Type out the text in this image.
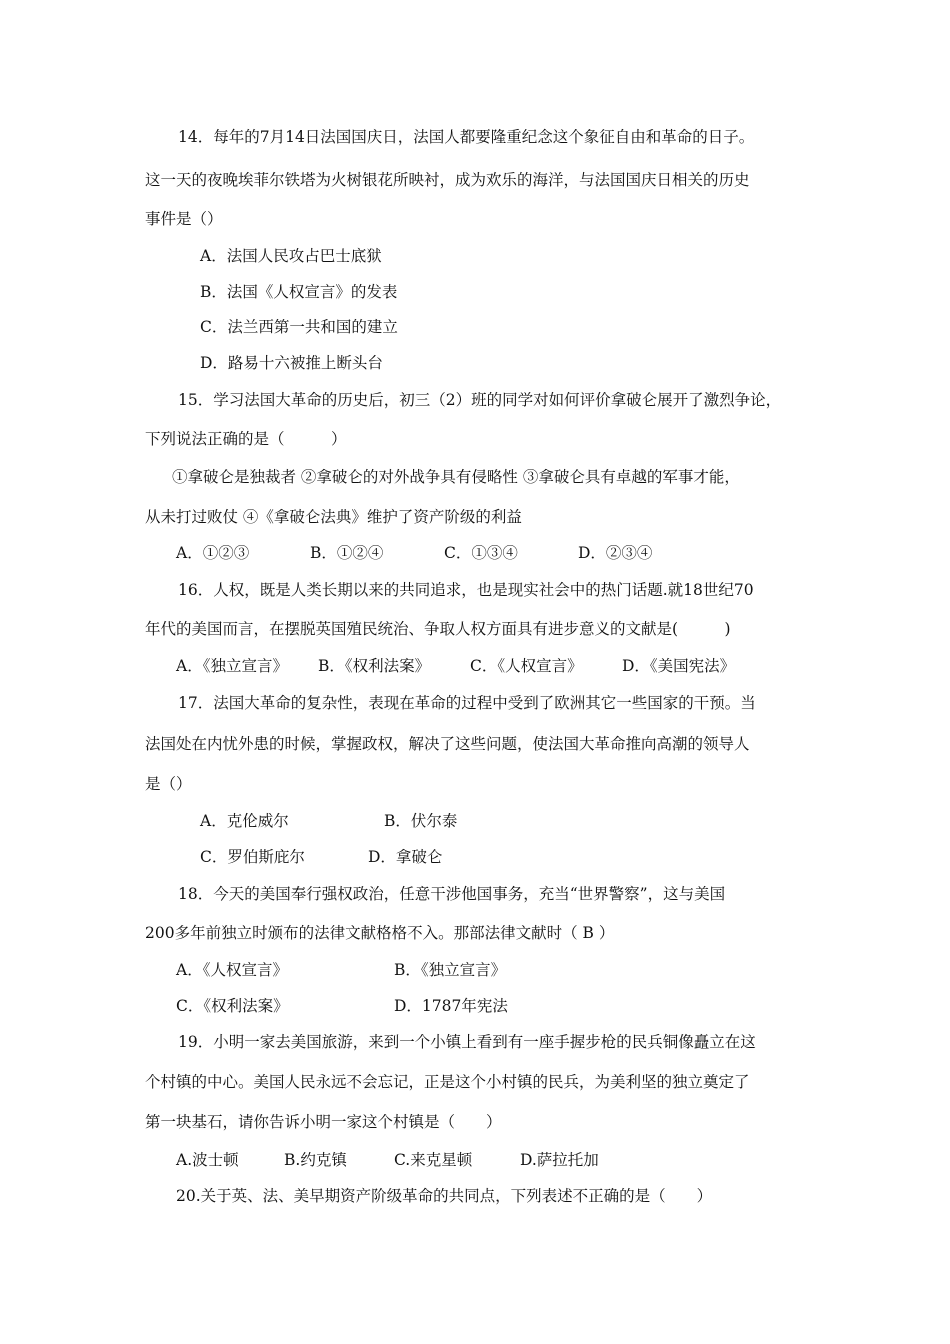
14．每年的7月14日法国国庆日，法国人都要隆重纪念这个象征自由和革命的日子。
这一天的夜晚埃菲尔铁塔为火树银花所映衬，成为欢乐的海洋，与法国国庆日相关的历史
事件是（）
A．法国人民攻占巴士底狱
B．法国《人权宣言》的发表
C．法兰西第一共和国的建立
D．路易十六被推上断头台
15．学习法国大革命的历史后，初三（2）班的同学对如何评价拿破仑展开了激烈争论，
下列说法正确的是（　　　）
①拿破仑是独裁者 ②拿破仑的对外战争具有侵略性 ③拿破仑具有卓越的军事才能，
从未打过败仗 ④《拿破仑法典》维护了资产阶级的利益
A．①②③	B．①②④	C．①③④	D．②③④
16．人权，既是人类长期以来的共同追求，也是现实社会中的热门话题.就18世纪70
年代的美国而言，在摆脱英国殖民统治、争取人权方面具有进步意义的文献是(　　　)
A．《独立宣言》 B．《权利法案》	C．《人权宣言》	D．《美国宪法》
17．法国大革命的复杂性，表现在革命的过程中受到了欧洲其它一些国家的干预。当
法国处在内忧外患的时候，掌握政权，解决了这些问题，使法国大革命推向高潮的领导人
是（）
A．克伦威尔	B．伏尔泰
C．罗伯斯庇尔	D．拿破仑
18．今天的美国奉行强权政治，任意干涉他国事务，充当“世界警察”，这与美国
200多年前独立时颁布的法律文献格格不入。那部法律文献时（ B ）
A．《人权宣言》	B．《独立宣言》
C．《权利法案》	D．1787年宪法
19．小明一家去美国旅游，来到一个小镇上看到有一座手握步枪的民兵铜像矗立在这
个村镇的中心。美国人民永远不会忘记，正是这个小村镇的民兵，为美利坚的独立奠定了
第一块基石，请你告诉小明一家这个村镇是（　　）
A.波士顿	B.约克镇	C.来克星顿	D.萨拉托加
20.关于英、法、美早期资产阶级革命的共同点，下列表述不正确的是（　　）
